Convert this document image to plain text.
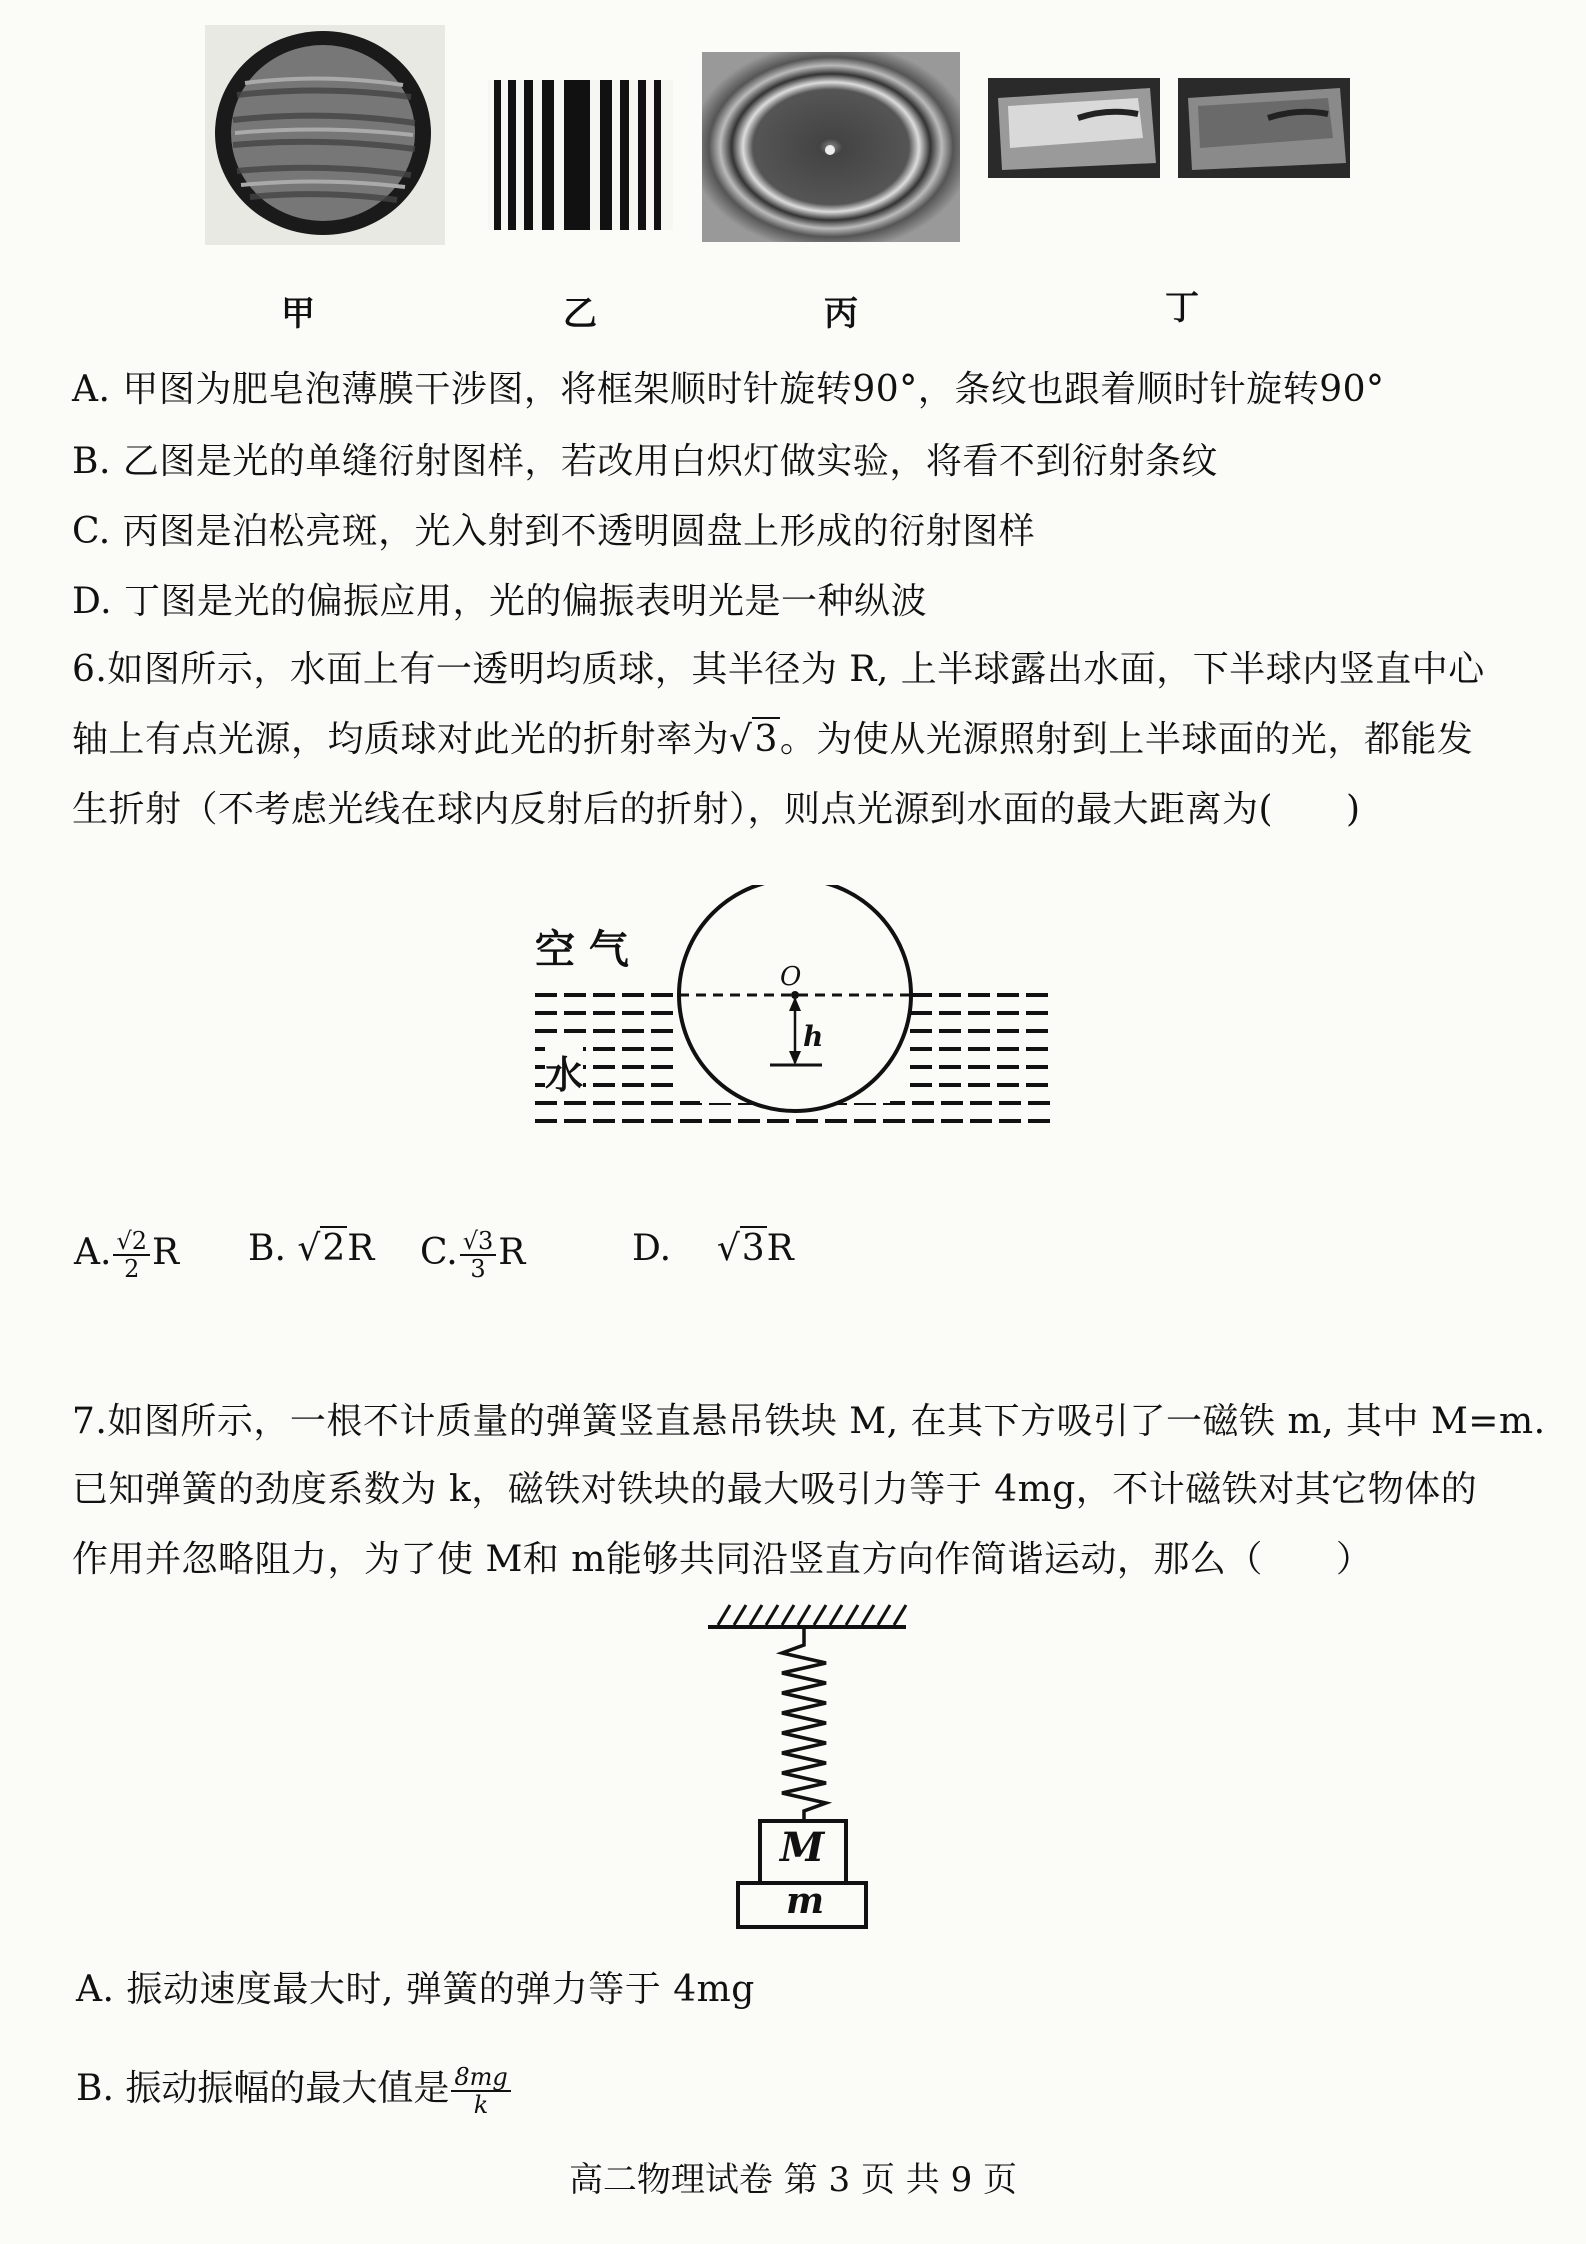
甲	乙	丙	丁
A. 甲图为肥皂泡薄膜干涉图，将框架顺时针旋转90°，条纹也跟着顺时针旋转90°
B. 乙图是光的单缝衍射图样，若改用白炽灯做实验，将看不到衍射条纹
C. 丙图是泊松亮斑，光入射到不透明圆盘上形成的衍射图样
D. 丁图是光的偏振应用，光的偏振表明光是一种纵波
6.如图所示，水面上有一透明均质球，其半径为 R, 上半球露出水面，下半球内竖直中心
轴上有点光源，均质球对此光的折射率为√3。为使从光源照射到上半球面的光，都能发
生折射（不考虑光线在球内反射后的折射），则点光源到水面的最大距离为(　　)
空 气
水
O
h
A. $\frac{√2}{2}$ R B. √2R C. $\frac{√3}{3}$ R	D. √3R
7.如图所示，一根不计质量的弹簧竖直悬吊铁块 M, 在其下方吸引了一磁铁 m, 其中 M=m.
已知弹簧的劲度系数为 k，磁铁对铁块的最大吸引力等于 4mg，不计磁铁对其它物体的
作用并忽略阻力，为了使 M和 m能够共同沿竖直方向作简谐运动，那么（　　）
M
m
A. 振动速度最大时, 弹簧的弹力等于 4mg
B. 振动振幅的最大值是 $\frac{8mg}{k}$
高二物理试卷 第 3 页 共 9 页
